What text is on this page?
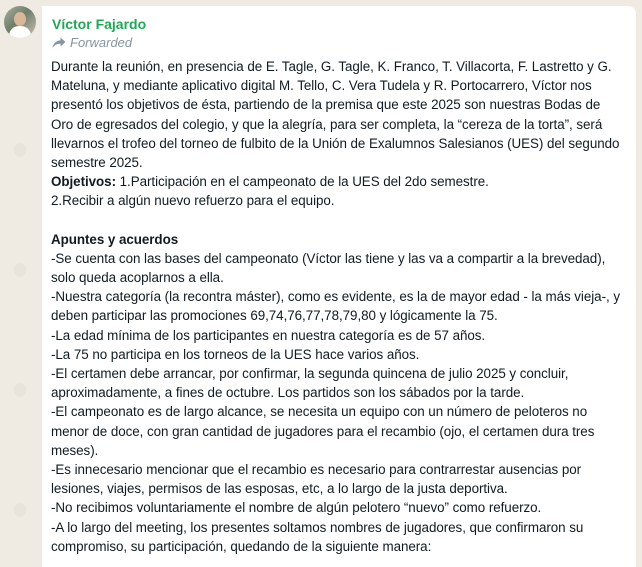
Víctor Fajardo
Forwarded

Durante la reunión, en presencia de E. Tagle, G. Tagle, K. Franco, T. Villacorta, F. Lastretto y G. Mateluna, y mediante aplicativo digital M. Tello, C. Vera Tudela y R. Portocarrero, Víctor nos presentó los objetivos de ésta, partiendo de la premisa que este 2025 son nuestras Bodas de Oro de egresados del colegio, y que la alegría, para ser completa, la “cereza de la torta”, será llevarnos el trofeo del torneo de fulbito de la Unión de Exalumnos Salesianos (UES) del segundo semestre 2025.

Objetivos: 1.Participación en el campeonato de la UES del 2do semestre.

2.Recibir a algún nuevo refuerzo para el equipo.

Apuntes y acuerdos

-Se cuenta con las bases del campeonato (Víctor las tiene y las va a compartir a la brevedad), solo queda acoplarnos a ella.

-Nuestra categoría (la recontra máster), como es evidente, es la de mayor edad - la más vieja-, y deben participar las promociones 69,74,76,77,78,79,80 y lógicamente la 75.

-La edad mínima de los participantes en nuestra categoría es de 57 años.

-La 75 no participa en los torneos de la UES hace varios años.

-El certamen debe arrancar, por confirmar, la segunda quincena de julio 2025 y concluir, aproximadamente, a fines de octubre. Los partidos son los sábados por la tarde.

-El campeonato es de largo alcance, se necesita un equipo con un número de peloteros no menor de doce, con gran cantidad de jugadores para el recambio (ojo, el certamen dura tres meses).

-Es innecesario mencionar que el recambio es necesario para contrarrestar ausencias por lesiones, viajes, permisos de las esposas, etc, a lo largo de la justa deportiva.

-No recibimos voluntariamente el nombre de algún pelotero “nuevo” como refuerzo.

-A lo largo del meeting, los presentes soltamos nombres de jugadores, que confirmaron su compromiso, su participación, quedando de la siguiente manera:
